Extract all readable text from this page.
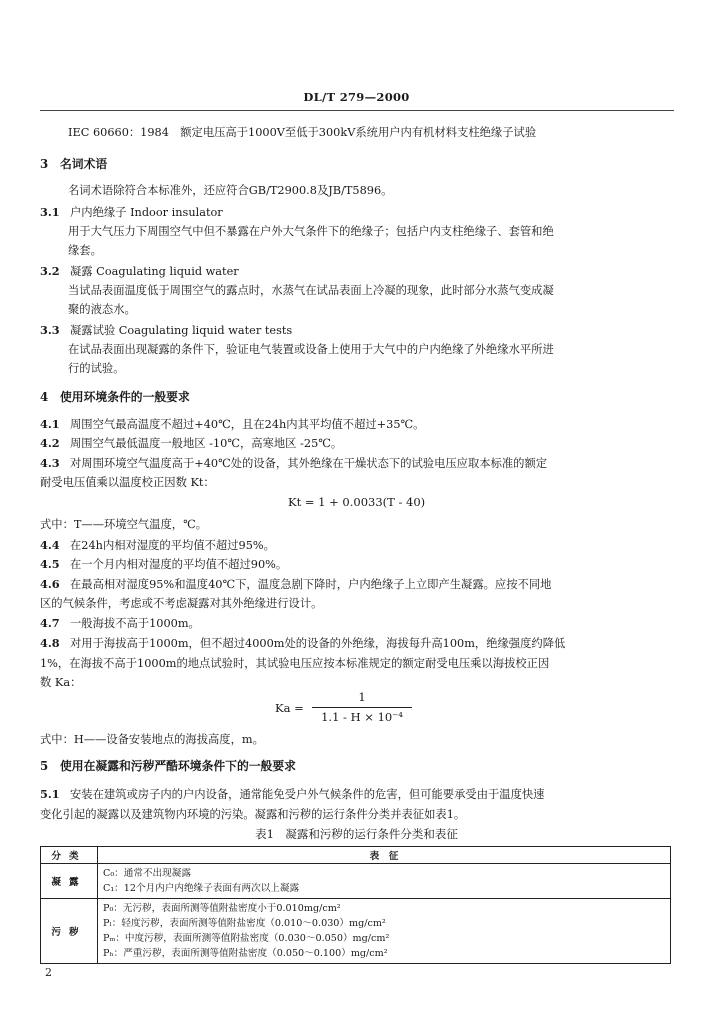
DL/T 279—2000
IEC 60660：1984　额定电压高于1000V至低于300kV系统用户内有机材料支柱绝缘子试验
3　名词术语
名词术语除符合本标准外，还应符合GB/T2900.8及JB/T5896。
3.1 户内绝缘子 Indoor insulator
用于大气压力下周围空气中但不暴露在户外大气条件下的绝缘子；包括户内支柱绝缘子、套管和绝
缘套。
3.2 凝露 Coagulating liquid water
当试品表面温度低于周围空气的露点时，水蒸气在试品表面上冷凝的现象，此时部分水蒸气变成凝
聚的液态水。
3.3 凝露试验 Coagulating liquid water tests
在试品表面出现凝露的条件下，验证电气装置或设备上使用于大气中的户内绝缘了外绝缘水平所进
行的试验。
4　使用环境条件的一般要求
4.1 周围空气最高温度不超过+40℃，且在24h内其平均值不超过+35℃。
4.2 周围空气最低温度一般地区 -10℃，高寒地区 -25℃。
4.3 对周围环境空气温度高于+40℃处的设备，其外绝缘在干燥状态下的试验电压应取本标准的额定
耐受电压值乘以温度校正因数 Kt：
Kt = 1 + 0.0033(T - 40)
式中：T——环境空气温度，℃。
4.4 在24h内相对湿度的平均值不超过95%。
4.5 在一个月内相对湿度的平均值不超过90%。
4.6 在最高相对湿度95%和温度40℃下，温度急剧下降时，户内绝缘子上立即产生凝露。应按不同地
区的气候条件，考虑或不考虑凝露对其外绝缘进行设计。
4.7 一般海拔不高于1000m。
4.8 对用于海拔高于1000m，但不超过4000m处的设备的外绝缘，海拔每升高100m，绝缘强度约降低
1%，在海拔不高于1000m的地点试验时，其试验电压应按本标准规定的额定耐受电压乘以海拔校正因
数 Ka：
Ka =
1
1.1 - H × 10⁻⁴
式中：H——设备安装地点的海拔高度，m。
5　使用在凝露和污秽严酷环境条件下的一般要求
5.1 安装在建筑或房子内的户内设备，通常能免受户外气候条件的危害，但可能要承受由于温度快速
变化引起的凝露以及建筑物内环境的污染。凝露和污秽的运行条件分类并表征如表1。
表1　凝露和污秽的运行条件分类和表征
分类	表　征
凝露	C₀：通常不出现凝露
C₁：12个月内户内绝缘子表面有两次以上凝露

污秽	P₀：无污秽，表面所测等值附盐密度小于0.010mg/cm²
Pₗ：轻度污秽，表面所测等值附盐密度（0.010～0.030）mg/cm²
Pₘ：中度污秽，表面所测等值附盐密度（0.030～0.050）mg/cm²
Pₕ：严重污秽，表面所测等值附盐密度（0.050～0.100）mg/cm²
2
